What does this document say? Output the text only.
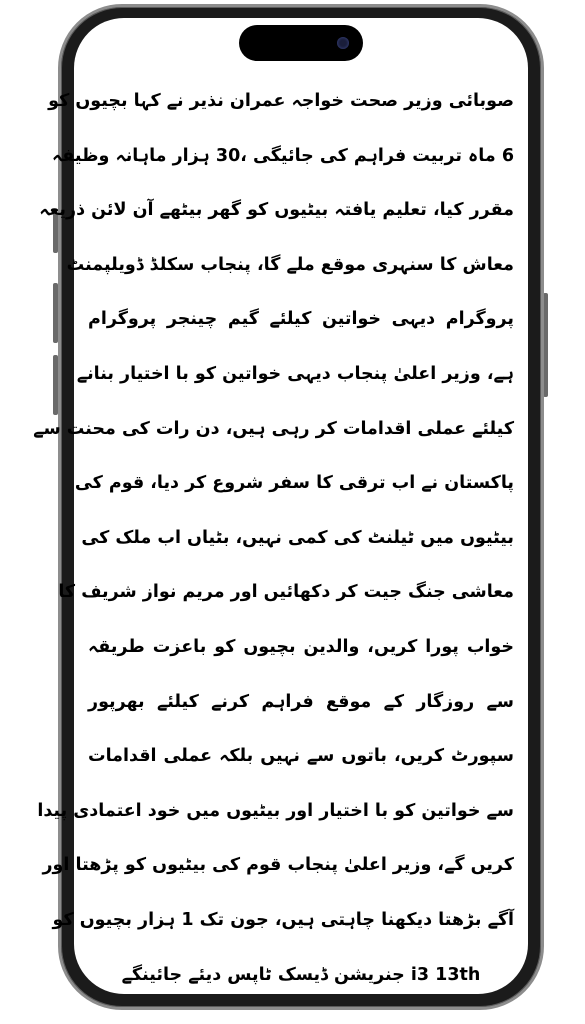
صوبائی وزیر صحت خواجہ عمران نذیر نے کہا بچیوں کو
6 ماہ تربیت فراہم کی جائیگی ،30 ہزار ماہانہ وظیفہ
مقرر کیا، تعلیم یافتہ بیٹیوں کو گھر بیٹھے آن لائن ذریعہ
معاش کا سنہری موقع ملے گا، پنجاب سکلڈ ڈویلپمنٹ
پروگرام دیہی خواتین کیلئے گیم چینجر پروگرام
ہے، وزیر اعلیٰ پنجاب دیہی خواتین کو با اختیار بنانے
کیلئے عملی اقدامات کر رہی ہیں، دن رات کی محنت سے
پاکستان نے اب ترقی کا سفر شروع کر دیا، قوم کی
بیٹیوں میں ٹیلنٹ کی کمی نہیں، بٹیاں اب ملک کی
معاشی جنگ جیت کر دکھائیں اور مریم نواز شریف کا
خواب پورا کریں، والدین بچیوں کو باعزت طریقہ
سے روزگار کے موقع فراہم کرنے کیلئے بھرپور
سپورٹ کریں، باتوں سے نہیں بلکہ عملی اقدامات
سے خواتین کو با اختیار اور بیٹیوں میں خود اعتمادی پیدا
کریں گے، وزیر اعلیٰ پنجاب قوم کی بیٹیوں کو پڑھتا اور
آگے بڑھتا دیکھنا چاہتی ہیں، جون تک 1 ہزار بچیوں کو
i3 13th جنریشن ڈیسک ٹاپس دیئے جائینگے
